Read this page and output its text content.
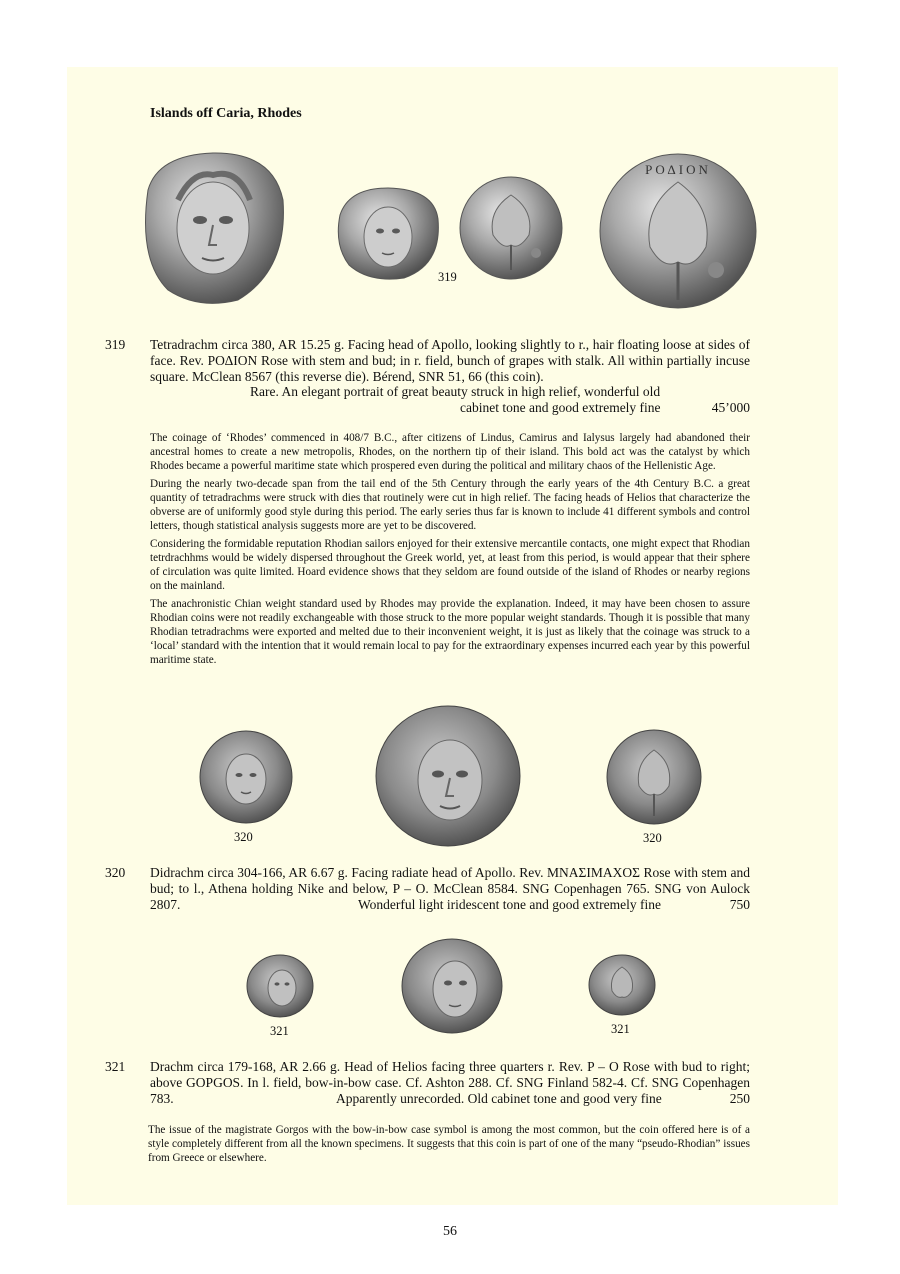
Islands off Caria, Rhodes
ΡΟΔΙΟΝ
319
319 Tetradrachm circa 380, AR 15.25 g. Facing head of Apollo, looking slightly to r., hair floating loose at sides of face. Rev. ΡΟΔΙΟΝ Rose with stem and bud; in r. field, bunch of grapes with stalk. All within partially incuse square. McClean 8567 (this reverse die). Bérend, SNR 51, 66 (this coin).
Rare. An elegant portrait of great beauty struck in high relief, wonderful old
cabinet tone and good extremely fine	45’000

The coinage of ‘Rhodes’ commenced in 408/7 B.C., after citizens of Lindus, Camirus and Ialysus largely had abandoned their ancestral homes to create a new metropolis, Rhodes, on the northern tip of their island. This bold act was the catalyst by which Rhodes became a powerful maritime state which prospered even during the political and military chaos of the Hellenistic Age.

During the nearly two-decade span from the tail end of the 5th Century through the early years of the 4th Century B.C. a great quantity of tetradrachms were struck with dies that routinely were cut in high relief. The facing heads of Helios that characterize the obverse are of uniformly good style during this period. The early series thus far is known to include 41 different symbols and control letters, though statistical analysis suggests more are yet to be discovered.

Considering the formidable reputation Rhodian sailors enjoyed for their extensive mercantile contacts, one might expect that Rhodian tetrdrachhms would be widely dispersed throughout the Greek world, yet, at least from this period, is would appear that their sphere of circulation was quite limited. Hoard evidence shows that they seldom are found outside of the island of Rhodes or nearby regions on the mainland.

The anachronistic Chian weight standard used by Rhodes may provide the explanation. Indeed, it may have been chosen to assure Rhodian coins were not readily exchangeable with those struck to the more popular weight standards. Though it is possible that many Rhodian tetradrachms were exported and melted due to their inconvenient weight, it is just as likely that the coinage was struck to a ‘local’ standard with the intention that it would remain local to pay for the extraordinary expenses incurred each year by this powerful maritime state.

320	320
320 Didrachm circa 304-166, AR 6.67 g. Facing radiate head of Apollo. Rev. ΜΝΑΣΙΜΑΧΟΣ Rose with stem and bud; to l., Athena holding Nike and below, P – O. McClean 8584. SNG Copenhagen 765. SNG von Aulock 2807.	Wonderful light iridescent tone and good extremely fine	750
321	321
321 Drachm circa 179-168, AR 2.66 g. Head of Helios facing three quarters r. Rev. P – O Rose with bud to right; above GOPGOS. In l. field, bow-in-bow case. Cf. Ashton 288. Cf. SNG Finland 582-4. Cf. SNG Copenhagen 783.	Apparently unrecorded. Old cabinet tone and good very fine	250
The issue of the magistrate Gorgos with the bow-in-bow case symbol is among the most common, but the coin offered here is of a style completely different from all the known specimens. It suggests that this coin is part of one of the many “pseudo-Rhodian” issues from Greece or elsewhere.
56
